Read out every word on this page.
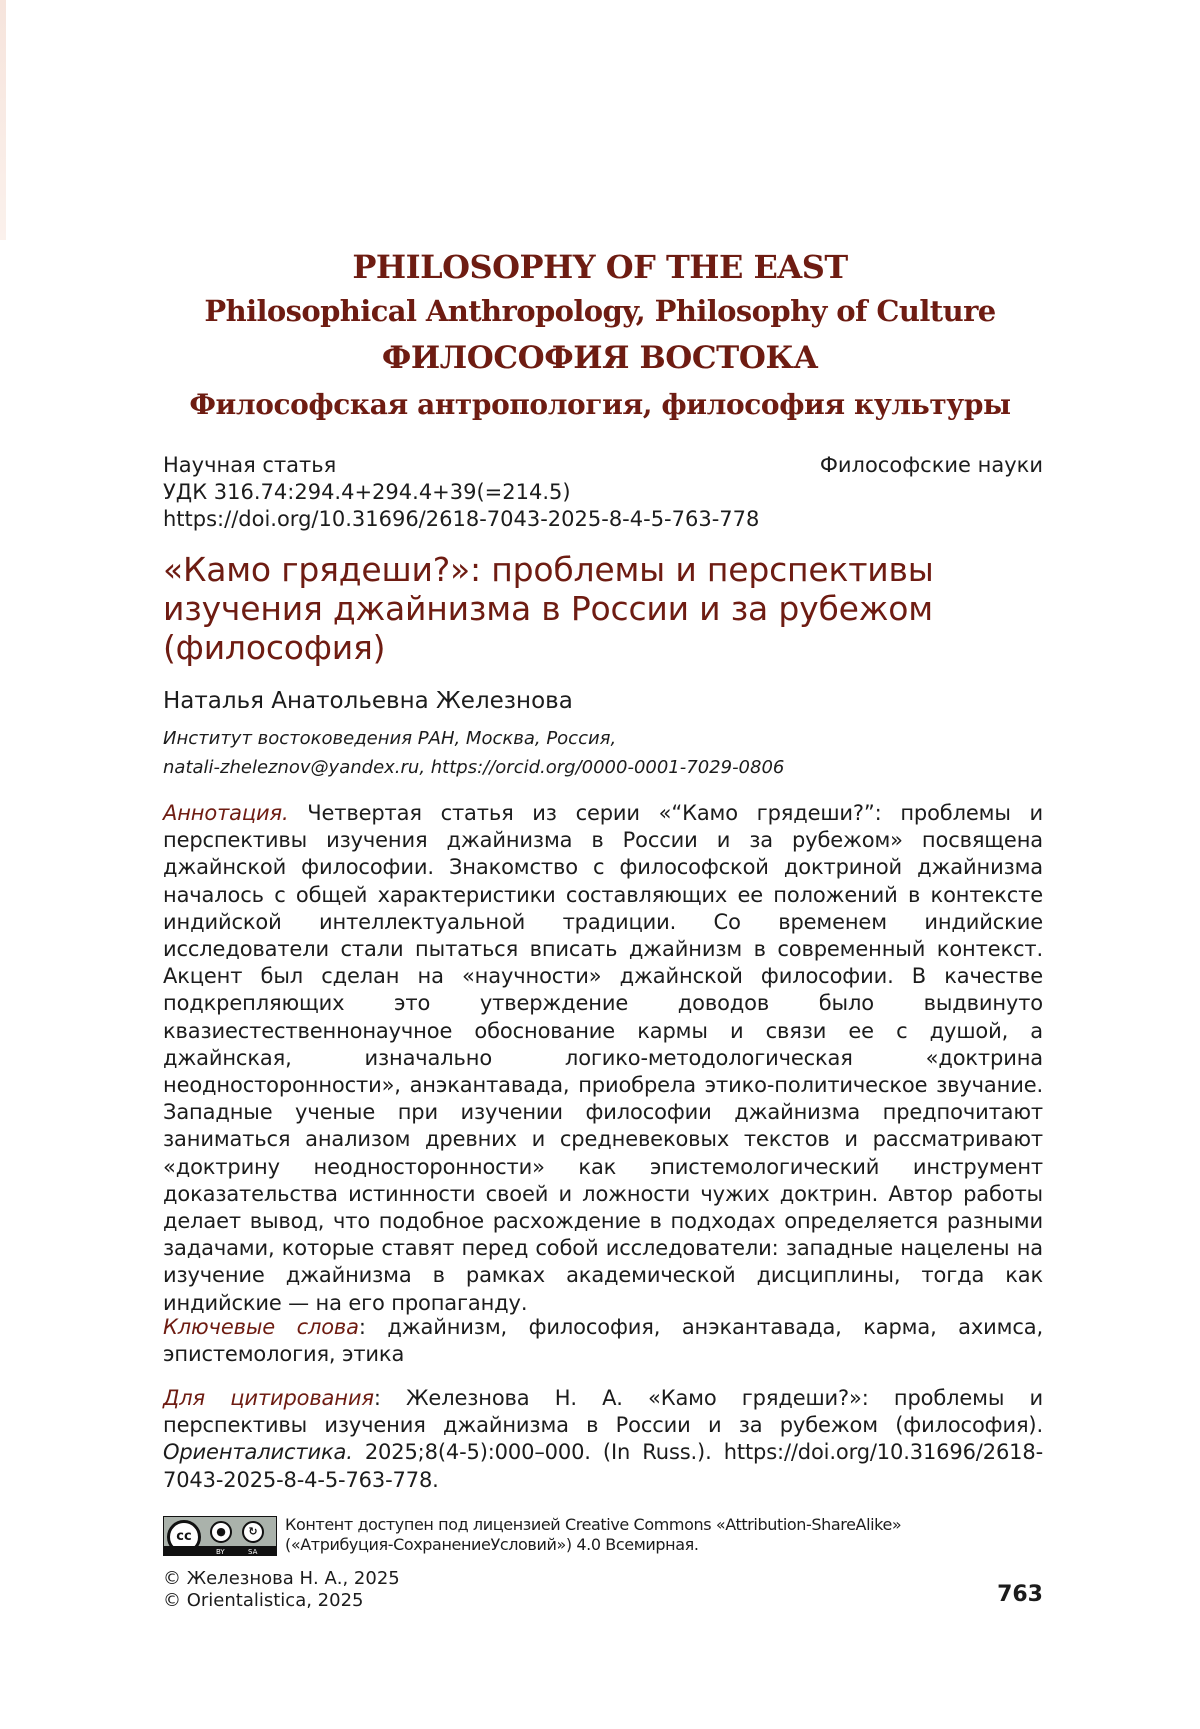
PHILOSOPHY OF THE EAST
Philosophical Anthropology, Philosophy of Culture
ФИЛОСОФИЯ ВОСТОКА
Философская антропология, философия культуры
Научная статья
УДК 316.74:294.4+294.4+39(=214.5)
https://doi.org/10.31696/2618-7043-2025-8-4-5-763-778
Философские науки
«Камо грядеши?»: проблемы и перспективы
изучения джайнизма в России и за рубежом
(философия)
Наталья Анатольевна Железнова
Институт востоковедения РАН, Москва, Россия,
natali-zheleznov@yandex.ru, https://orcid.org/0000-0001-7029-0806
Аннотация. Четвертая статья из серии «“Камо грядеши?”: проблемы и перспективы изучения джайнизма в России и за рубежом» посвящена джайнской философии. Знакомство с философской доктриной джайнизма началось с общей характеристики составляющих ее положений в контексте индийской интеллектуальной традиции. Со временем индийские исследователи стали пытаться вписать джайнизм в современный контекст. Акцент был сделан на «научности» джайнской философии. В качестве подкрепляющих это утверждение доводов было выдвинуто квазиестественнонаучное обоснование кармы и связи ее с душой, а джайнская, изначально логико-методологическая «доктрина неодносторонности», анэкантавада, приобрела этико-политическое звучание. Западные ученые при изучении философии джайнизма предпочитают заниматься анализом древних и средневековых текстов и рассматривают «доктрину неодносторонности» как эпистемологический инструмент доказательства истинности своей и ложности чужих доктрин. Автор работы делает вывод, что подобное расхождение в подходах определяется разными задачами, которые ставят перед собой исследователи: западные нацелены на изучение джайнизма в рамках академической дисциплины, тогда как индийские — на его пропаганду.
Ключевые слова: джайнизм, философия, анэкантавада, карма, ахимса, эпистемология, этика
Для цитирования: Железнова Н. А. «Камо грядеши?»: проблемы и перспективы изучения джайнизма в России и за рубежом (философия). Ориенталистика. 2025;8(4-5):000–000. (In Russ.). https://doi.org/10.31696/2618-7043-2025-8-4-5-763-778.
cc	●	↻
BY	SA
Контент доступен под лицензией Creative Commons «Attribution-ShareAlike»
(«Атрибуция-СохранениеУсловий») 4.0 Всемирная.
© Железнова Н. А., 2025
© Orientalistica, 2025	763
